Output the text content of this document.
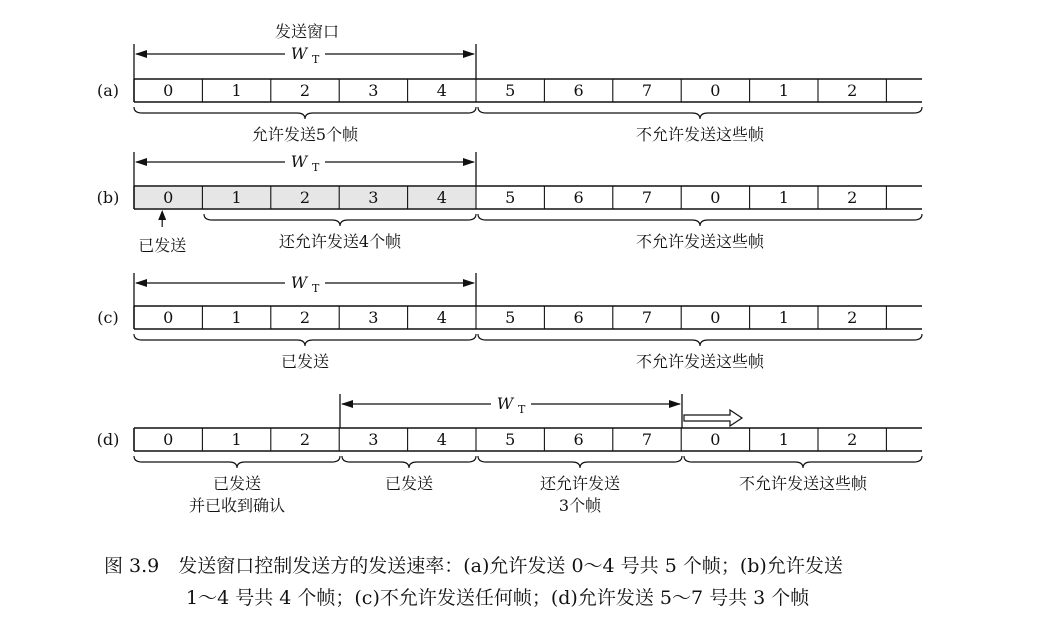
发送窗口
(a)	0	1	2	3	4	5	6	7	0	1	2
允许发送5个帧	不允许发送这些帧
W T
(b)	0	1	2	3	4	5	6	7	0	1	2
还允许发送4个帧	不允许发送这些帧
已发送
W T
(c)	0	1	2	3	4	5	6	7	0	1	2
已发送	不允许发送这些帧
W T
(d)	0	1	2	3	4	5	6	7	0	1	2
已发送
并已收到确认
已发送	还允许发送
3个帧
不允许发送这些帧
W T
图 3.9　发送窗口控制发送方的发送速率：(a)允许发送 0～4 号共 5 个帧；(b)允许发送
1～4 号共 4 个帧；(c)不允许发送任何帧；(d)允许发送 5～7 号共 3 个帧
